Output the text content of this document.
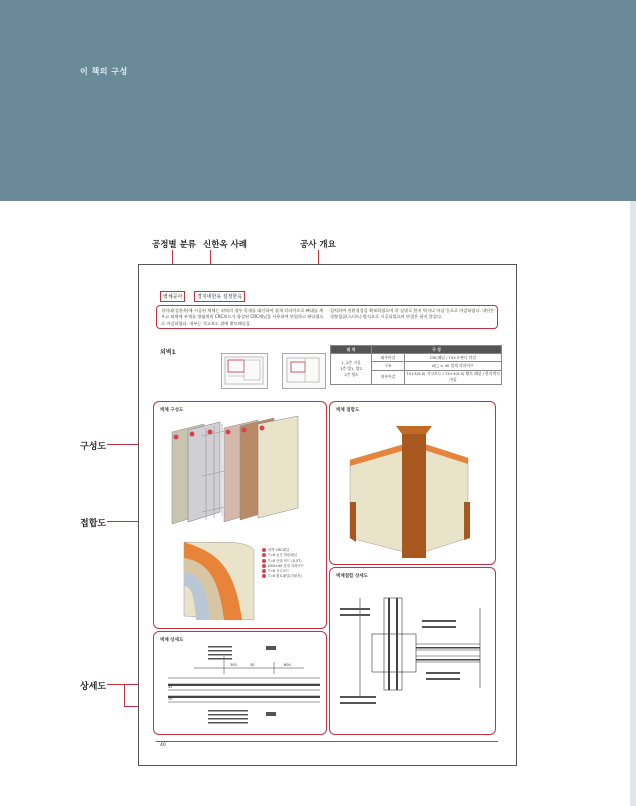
이 책의 구성
공정별 분류 신한옥 사례	공사 개요
구성도
접합도
상세도
벽체공사	경지네한유 설정한옥
경지네(설한옥)에 시공된 벽체는 외벽의 경우 목재를 대신하여 철재 각파이프로 뼈대를 세우고 외벽에 부재를 방염처리 CRC보드가 합성된 CRC패널을 사용하여 단열하고 판다였으로 마감하였다. 내부는 석고보드 위에 황토패널을
설치하여 친환경성을 확보하였으며 각 실별로 한지 벽지나 마감 등으로 마감하였다. 내단은 경량철골(스터드) 방식으로 시공되었으며 단열은 하지 않았다.
외벽1	위 치	구 성	

1, 2층 거실
1층 방1, 방2
2층 방3	외부마감	CRC패널 / T4+3 판다 마감
	구조	Ø□ × 40 철재 각파이프
	내부마감	T4+3(5.0) 석고보드 / T4+3(0.5) 황토 패널 / 한지벽지 마감
벽체 구성도
외벽 CRC패널
T=8 높은 합판패널
T=8 단열 비드 (0.5T)
Ø40×40 철재 각파이프
T=8 석고보드
T=6 황토패널(친환경)
벽체 접합도
벽체접합 상세도
벽체 상세도
300	30	600
45
30
40
